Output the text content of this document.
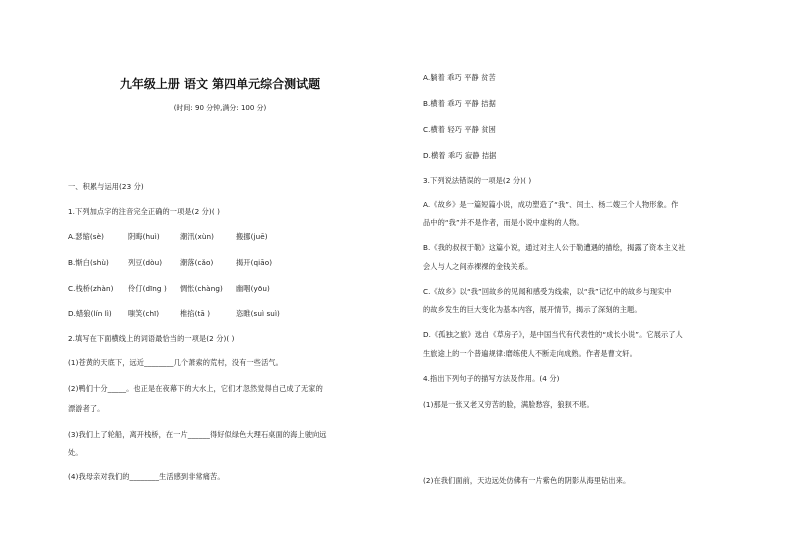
九年级上册 语文 第四单元综合测试题
(时间: 90 分钟,满分: 100 分)
一、积累与运用(23 分)
1.下列加点字的注音完全正确的一项是(2 分)( )
A.瑟缩(sè)	阴晦(huì)	潮汛(xùn)	搬挪(juē)
B.惭白(shù)	列豆(dòu) 潮落(cǎo)	揭开(qiāo)
C.栈桥(zhàn) 伶仃(dīng ) 惆怅(chàng) 幽咽(yōu)
D.蜡狼(lín lì) 嗤笑(chī)	椎掐(tā )	恣睢(suì suì)
2.填写在下面横线上的词语最恰当的一项是(2 分)( )
(1)苍黄的天底下，远近________几个萧索的荒村，没有一些活气。
(2)鸭们十分_____。也正是在夜幕下的大水上，它们才忽然觉得自己成了无家的
漂游者了。
(3)我们上了轮船，离开栈桥，在一片______得好似绿色大理石桌面的海上驶向远
处。
(4)我母亲对我们的________生活感到非常痛苦。
A.躺着 乖巧 平静 贫苦
B.横着 乖巧 平静 拮据
C.横着 轻巧 平静 贫困
D.横着 乖巧 寂静 拮据
3.下列说法错误的一项是(2 分)( )
A.《故乡》是一篇短篇小说，成功塑造了“我”、闰土、杨二嫂三个人物形象。作
品中的“我”并不是作者，而是小说中虚构的人物。
B.《我的叔叔于勒》这篇小说，通过对主人公于勒遭遇的描绘，揭露了资本主义社
会人与人之间赤裸裸的金钱关系。
C.《故乡》以“我”回故乡的见闻和感受为线索，以“我”记忆中的故乡与现实中
的故乡发生的巨大变化为基本内容，展开情节，揭示了深刻的主题。
D.《孤独之旅》选自《草房子》，是中国当代有代表性的“成长小说”。它展示了人
生旅途上的一个普遍规律:磨练使人不断走向成熟。作者是曹文轩。
4.指出下列句子的描写方法及作用。(4 分)
(1)那是一张又老又穷苦的脸，满脸愁容，狼狈不堪。
(2)在我们面前，天边远处仿佛有一片紫色的阴影从海里钻出来。
